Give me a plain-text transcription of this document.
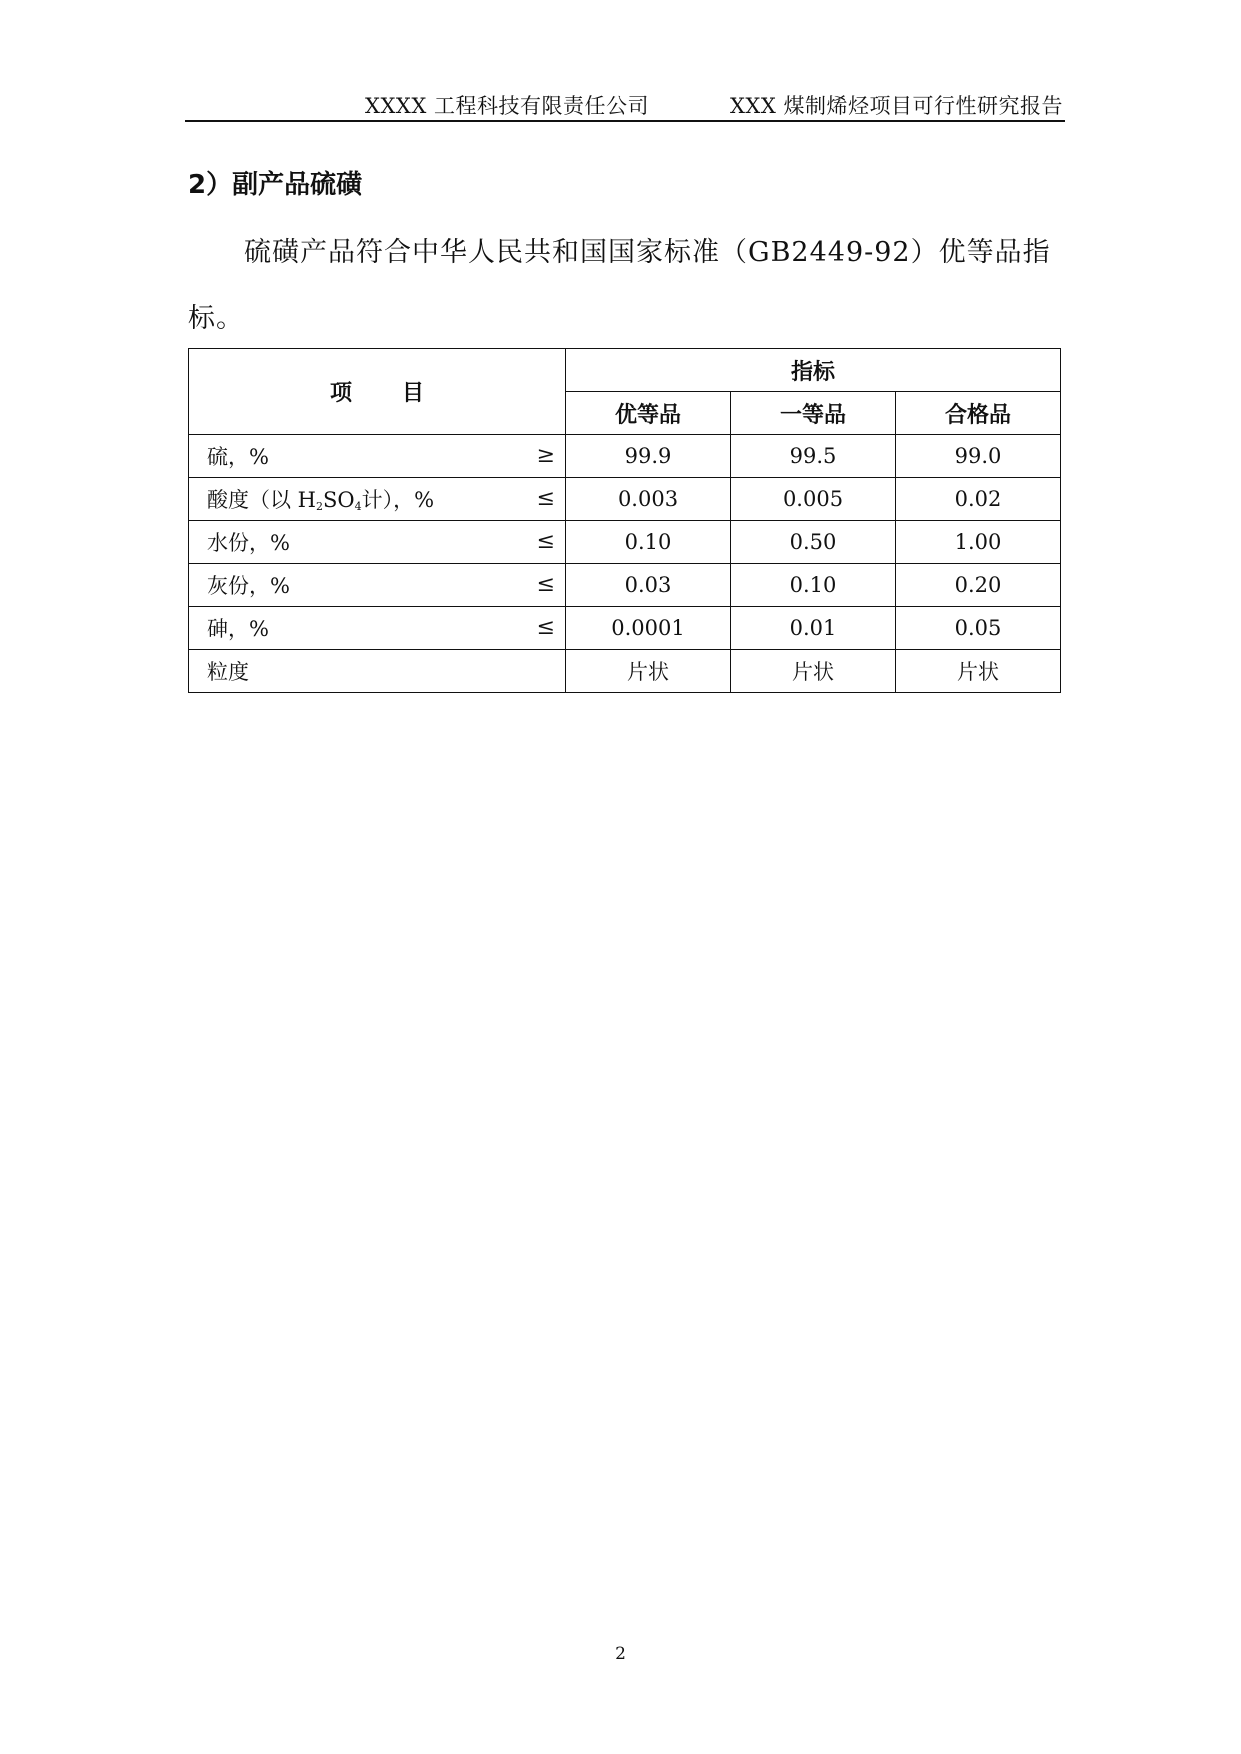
XXXX 工程科技有限责任公司	XXX 煤制烯烃项目可行性研究报告
2）副产品硫磺
硫磺产品符合中华人民共和国国家标准（GB2449-92）优等品指标。
项 目	指标		
	优等品	一等品	合格品
硫，% ≥	99.9	99.5	99.0
酸度（以 $H_2SO_4$计），% ≤	0.003	0.005	0.02
水份，% ≤	0.10	0.50	1.00
灰份，% ≤	0.03	0.10	0.20
砷，% ≤	0.0001	0.01	0.05
粒度	片状	片状	片状
2
